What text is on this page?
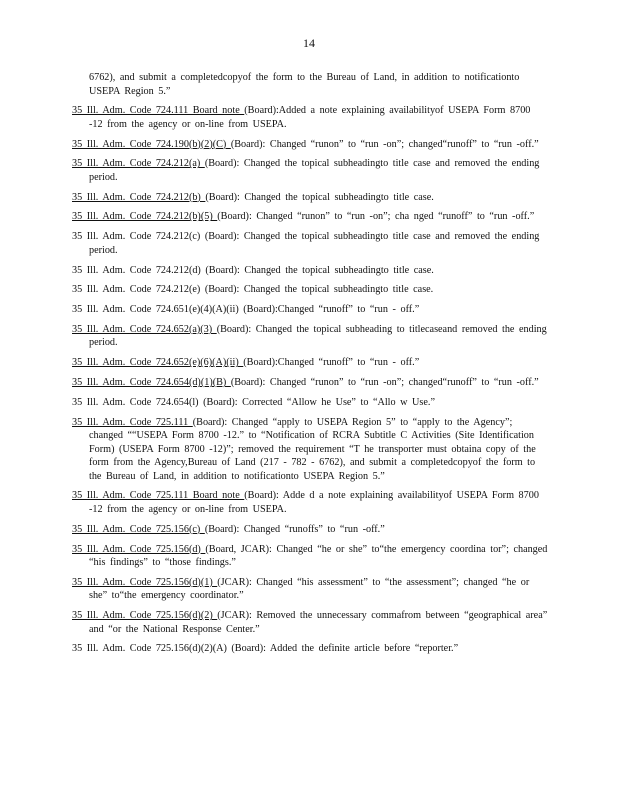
14

6762), and submit a completedcopyof the form to the Bureau of Land, in addition to notificationto USEPA Region 5.”

35 Ill. Adm. Code 724.111 Board note (Board):Added a note explaining availabilityof USEPA Form 8700 -12 from the agency or on-line from USEPA.

35 Ill. Adm. Code 724.190(b)(2)(C) (Board): Changed “runon” to “run -on”; changed“runoff” to “run -off.”

35 Ill. Adm. Code 724.212(a) (Board): Changed the topical subheadingto title case and removed the ending period.

35 Ill. Adm. Code 724.212(b) (Board): Changed the topical subheadingto title case.

35 Ill. Adm. Code 724.212(b)(5) (Board): Changed “runon” to “run -on”; cha nged “runoff” to “run -off.”

35 Ill. Adm. Code 724.212(c) (Board): Changed the topical subheadingto title case and removed the ending period.

35 Ill. Adm. Code 724.212(d) (Board): Changed the topical subheadingto title case.

35 Ill. Adm. Code 724.212(e) (Board): Changed the topical subheadingto title case.

35 Ill. Adm. Code 724.651(e)(4)(A)(ii) (Board):Changed “runoff” to “run - off.”

35 Ill. Adm. Code 724.652(a)(3) (Board): Changed the topical subheading to titlecaseand removed the ending period.

35 Ill. Adm. Code 724.652(e)(6)(A)(ii) (Board):Changed “runoff” to “run - off.”

35 Ill. Adm. Code 724.654(d)(1)(B) (Board): Changed “runon” to “run -on”; changed“runoff” to “run -off.”

35 Ill. Adm. Code 724.654(l) (Board): Corrected “Allow he Use” to “Allo w Use.”

35 Ill. Adm. Code 725.111 (Board): Changed “apply to USEPA Region 5” to “apply to the Agency”; changed ““USEPA Form 8700 -12.” to “Notification of RCRA Subtitle C Activities (Site Identification Form) (USEPA Form 8700 -12)”; removed the requirement “T he transporter must obtaina copy of the form from the Agency,Bureau of Land (217 - 782 - 6762), and submit a completedcopyof the form to the Bureau of Land, in addition to notificationto USEPA Region 5.”

35 Ill. Adm. Code 725.111 Board note (Board): Adde d a note explaining availabilityof USEPA Form 8700 -12 from the agency or on-line from USEPA.

35 Ill. Adm. Code 725.156(c) (Board): Changed “runoffs” to “run -off.”

35 Ill. Adm. Code 725.156(d) (Board, JCAR): Changed “he or she” to“the emergency coordina tor”; changed “his findings” to “those findings.”

35 Ill. Adm. Code 725.156(d)(1) (JCAR): Changed “his assessment” to “the assessment”; changed “he or she” to“the emergency coordinator.”

35 Ill. Adm. Code 725.156(d)(2) (JCAR): Removed the unnecessary commafrom between “geographical area” and “or the National Response Center.”

35 Ill. Adm. Code 725.156(d)(2)(A) (Board): Added the definite article before “reporter.”
